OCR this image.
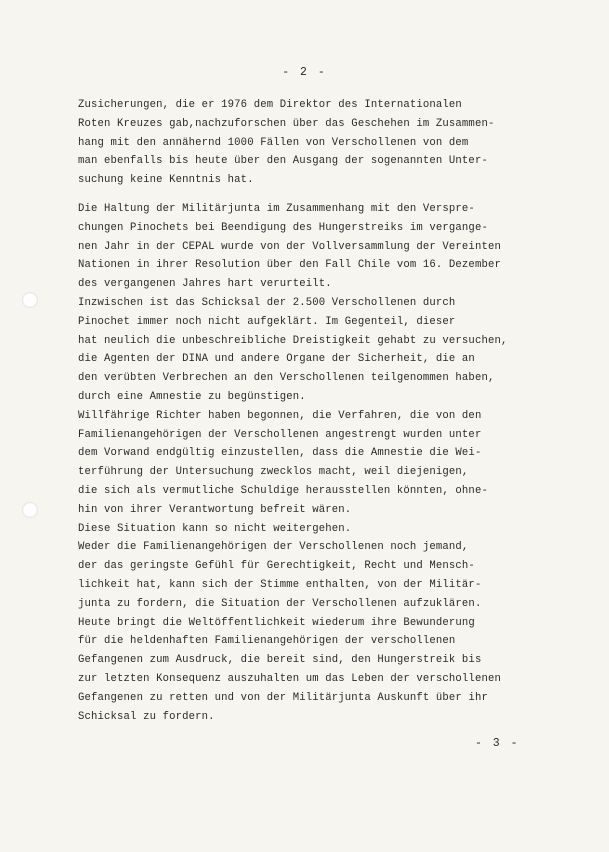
- 2 -
Zusicherungen, die er 1976 dem Direktor des Internationalen
Roten Kreuzes gab,nachzuforschen über das Geschehen im Zusammen-
hang mit den annähernd 1000 Fällen von Verschollenen von dem
man ebenfalls bis heute über den Ausgang der sogenannten Unter-
suchung keine Kenntnis hat.
Die Haltung der Militärjunta im Zusammenhang mit den Verspre-
chungen Pinochets bei Beendigung des Hungerstreiks im vergange-
nen Jahr in der CEPAL wurde von der Vollversammlung der Vereinten
Nationen in ihrer Resolution über den Fall Chile vom 16. Dezember
des vergangenen Jahres hart verurteilt.
Inzwischen ist das Schicksal der 2.500 Verschollenen durch
Pinochet immer noch nicht aufgeklärt. Im Gegenteil, dieser
hat neulich die unbeschreibliche Dreistigkeit gehabt zu versuchen,
die Agenten der DINA und andere Organe der Sicherheit, die an
den verübten Verbrechen an den Verschollenen teilgenommen haben,
durch eine Amnestie zu begünstigen.
Willfährige Richter haben begonnen, die Verfahren, die von den
Familienangehörigen der Verschollenen angestrengt wurden unter
dem Vorwand endgültig einzustellen, dass die Amnestie die Wei-
terführung der Untersuchung zwecklos macht, weil diejenigen,
die sich als vermutliche Schuldige herausstellen könnten, ohne-
hin von ihrer Verantwortung befreit wären.
Diese Situation kann so nicht weitergehen.
Weder die Familienangehörigen der Verschollenen noch jemand,
der das geringste Gefühl für Gerechtigkeit, Recht und Mensch-
lichkeit hat, kann sich der Stimme enthalten, von der Militär-
junta zu fordern, die Situation der Verschollenen aufzuklären.
Heute bringt die Weltöffentlichkeit wiederum ihre Bewunderung
für die heldenhaften Familienangehörigen der verschollenen
Gefangenen zum Ausdruck, die bereit sind, den Hungerstreik bis
zur letzten Konsequenz auszuhalten um das Leben der verschollenen
Gefangenen zu retten und von der Militärjunta Auskunft über ihr
Schicksal zu fordern.
- 3 -
